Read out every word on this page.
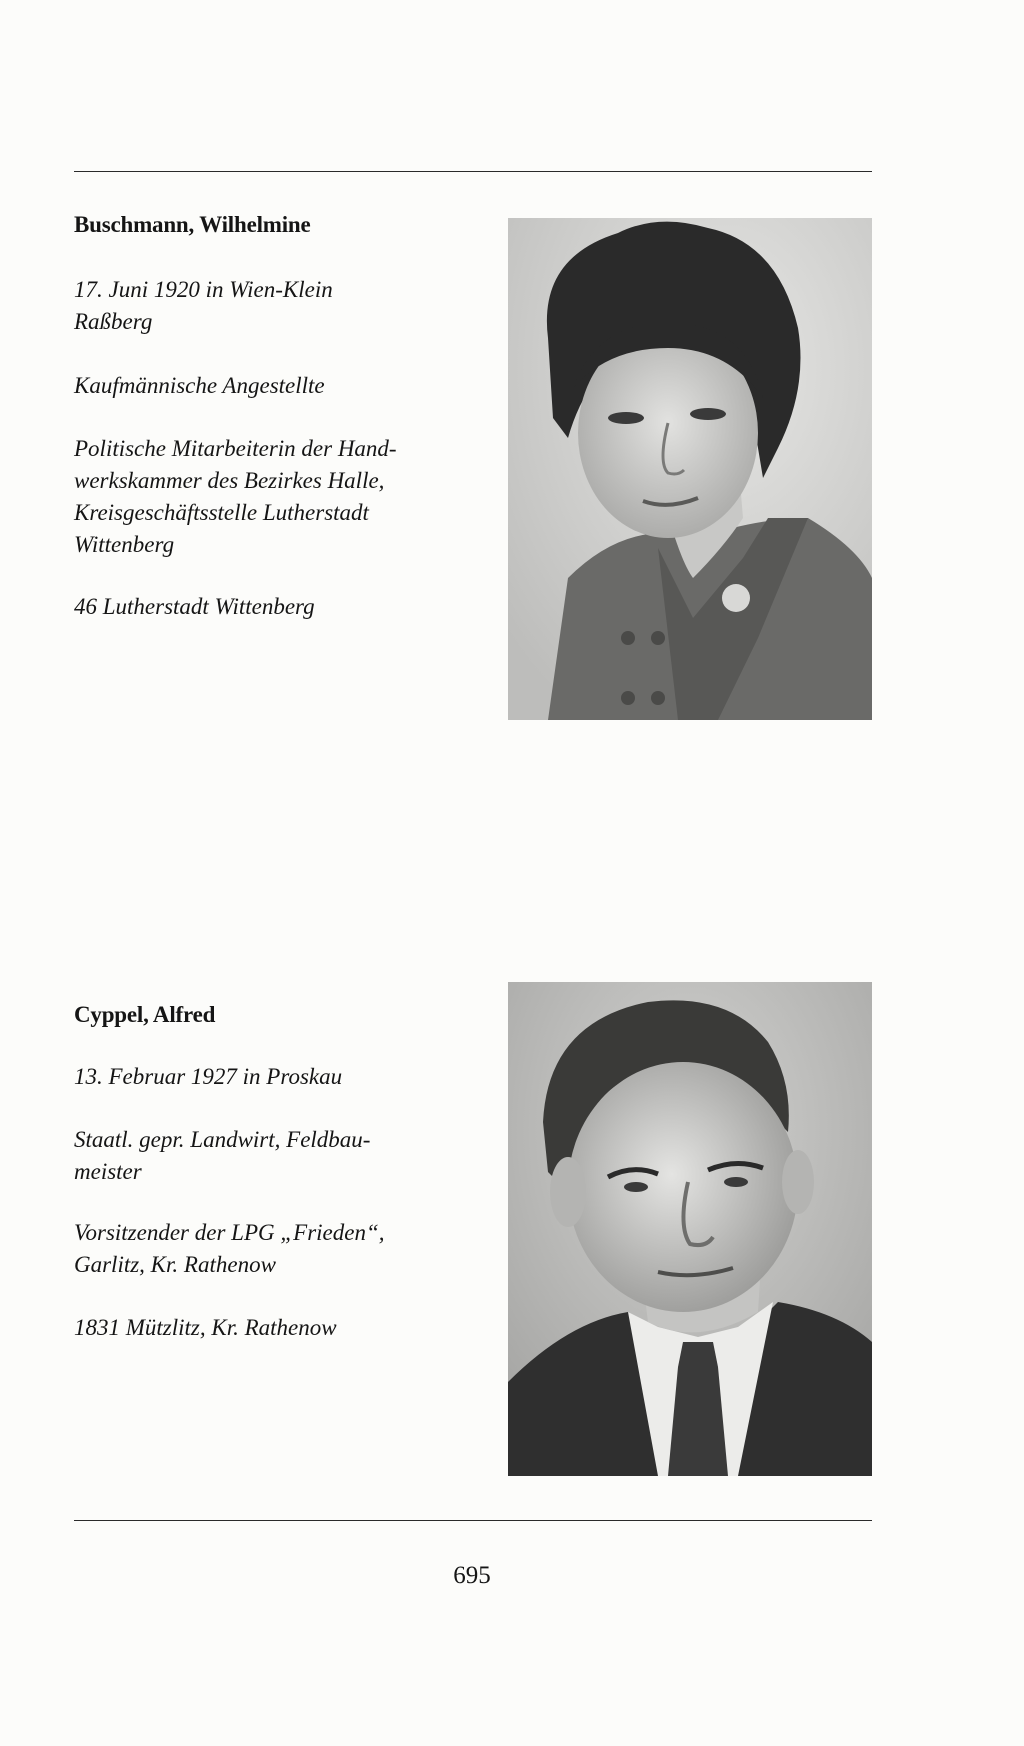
Buschmann, Wilhelmine

17. Juni 1920 in Wien-Klein
Raßberg

Kaufmännische Angestellte

Politische Mitarbeiterin der Hand-
werkskammer des Bezirkes Halle,
Kreisgeschäftsstelle Lutherstadt
Wittenberg

46 Lutherstadt Wittenberg

Cyppel, Alfred

13. Februar 1927 in Proskau

Staatl. gepr. Landwirt, Feldbau-
meister

Vorsitzender der LPG „Frieden“,
Garlitz, Kr. Rathenow

1831 Mützlitz, Kr. Rathenow

695
